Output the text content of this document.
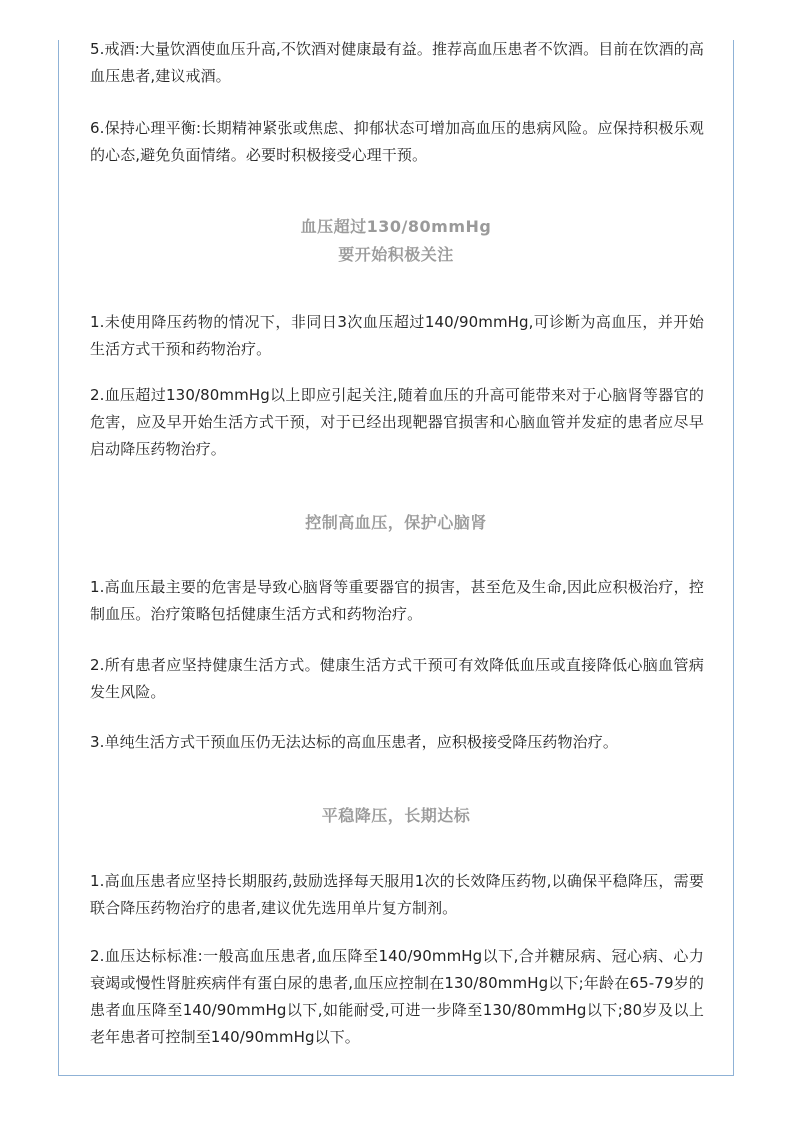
5.戒酒:大量饮酒使血压升高,不饮酒对健康最有益。推荐高血压患者不饮酒。目前在饮酒的高血压患者,建议戒酒。

6.保持心理平衡:长期精神紧张或焦虑、抑郁状态可增加高血压的患病风险。应保持积极乐观的心态,避免负面情绪。必要时积极接受心理干预。

血压超过130/80mmHg
要开始积极关注

1.未使用降压药物的情况下，非同日3次血压超过140/90mmHg,可诊断为高血压，并开始生活方式干预和药物治疗。

2.血压超过130/80mmHg以上即应引起关注,随着血压的升高可能带来对于心脑肾等器官的危害，应及早开始生活方式干预，对于已经出现靶器官损害和心脑血管并发症的患者应尽早启动降压药物治疗。

控制高血压，保护心脑肾

1.高血压最主要的危害是导致心脑肾等重要器官的损害，甚至危及生命,因此应积极治疗，控制血压。治疗策略包括健康生活方式和药物治疗。

2.所有患者应坚持健康生活方式。健康生活方式干预可有效降低血压或直接降低心脑血管病发生风险。

3.单纯生活方式干预血压仍无法达标的高血压患者，应积极接受降压药物治疗。

平稳降压，长期达标

1.高血压患者应坚持长期服药,鼓励选择每天服用1次的长效降压药物,以确保平稳降压，需要联合降压药物治疗的患者,建议优先选用单片复方制剂。

2.血压达标标准:一般高血压患者,血压降至140/90mmHg以下,合并糖尿病、冠心病、心力衰竭或慢性肾脏疾病伴有蛋白尿的患者,血压应控制在130/80mmHg以下;年龄在65-79岁的患者血压降至140/90mmHg以下,如能耐受,可进一步降至130/80mmHg以下;80岁及以上老年患者可控制至140/90mmHg以下。
